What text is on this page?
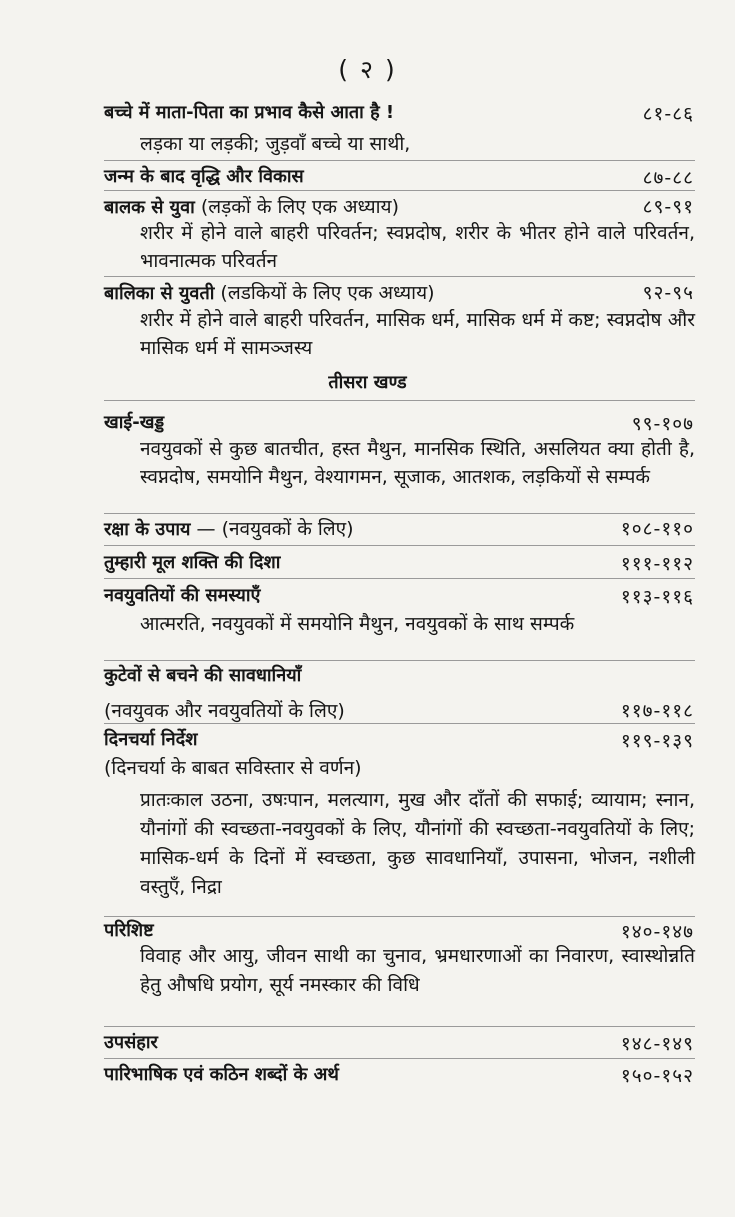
( २ )
बच्चे में माता-पिता का प्रभाव कैसे आता है !	८१-८६
लड़का या लड़की; जुड़वाँ बच्चे या साथी,
जन्म के बाद वृद्धि और विकास	८७-८८
बालक से युवा (लड़कों के लिए एक अध्याय)	८९-९१
शरीर में होने वाले बाहरी परिवर्तन; स्वप्नदोष, शरीर के भीतर होने वाले परिवर्तन, भावनात्मक परिवर्तन
बालिका से युवती (लडकियों के लिए एक अध्याय)	९२-९५
शरीर में होने वाले बाहरी परिवर्तन, मासिक धर्म, मासिक धर्म में कष्ट; स्वप्नदोष और मासिक धर्म में सामञ्जस्य
तीसरा खण्ड
खाई-खड्ड	९९-१०७
नवयुवकों से कुछ बातचीत, हस्त मैथुन, मानसिक स्थिति, असलियत क्या होती है, स्वप्नदोष, समयोनि मैथुन, वेश्यागमन, सूजाक, आतशक, लड़कियों से सम्पर्क
रक्षा के उपाय — (नवयुवकों के लिए)	१०८-११०
तुम्हारी मूल शक्ति की दिशा	१११-११२
नवयुवतियों की समस्याएँ	११३-११६
आत्मरति, नवयुवकों में समयोनि मैथुन, नवयुवकों के साथ सम्पर्क
कुटेवों से बचने की सावधानियाँ
(नवयुवक और नवयुवतियों के लिए)	११७-११८
दिनचर्या निर्देश	११९-१३९
(दिनचर्या के बाबत सविस्तार से वर्णन)
प्रातःकाल उठना, उषःपान, मलत्याग, मुख और दाँतों की सफाई; व्यायाम; स्नान, यौनांगों की स्वच्छता-नवयुवकों के लिए, यौनांगों की स्वच्छता-नवयुवतियों के लिए; मासिक-धर्म के दिनों में स्वच्छता, कुछ सावधानियाँ, उपासना, भोजन, नशीली वस्तुएँ, निद्रा
परिशिष्ट	१४०-१४७
विवाह और आयु, जीवन साथी का चुनाव, भ्रमधारणाओं का निवारण, स्वास्थोन्नति हेतु औषधि प्रयोग, सूर्य नमस्कार की विधि
उपसंहार	१४८-१४९
पारिभाषिक एवं कठिन शब्दों के अर्थ	१५०-१५२
